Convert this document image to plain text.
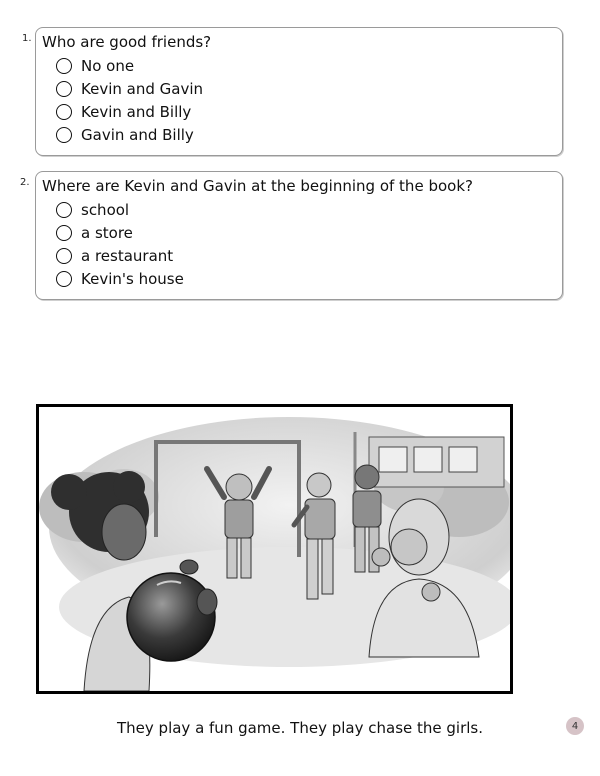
1. Who are good friends?
No one
Kevin and Gavin
Kevin and Billy
Gavin and Billy
2. Where are Kevin and Gavin at the beginning of the book?
school
a store
a restaurant
Kevin's house
They play a fun game. They play chase the girls.	4
